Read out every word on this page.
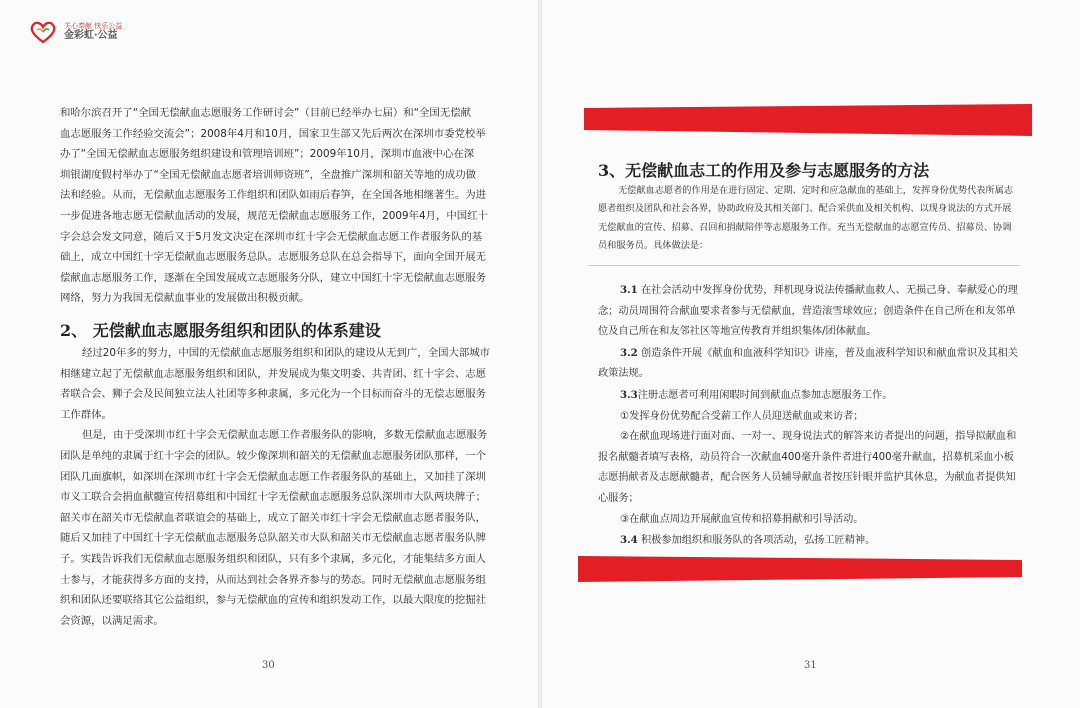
关心奉献 快乐公益
金彩虹·公益

和哈尔滨召开了“全国无偿献血志愿服务工作研讨会”（目前已经举办七届）和“全国无偿献
血志愿服务工作经验交流会”；2008年4月和10月，国家卫生部又先后两次在深圳市委党校举
办了“全国无偿献血志愿服务组织建设和管理培训班”；2009年10月，深圳市血液中心在深
圳银湖度假村举办了“全国无偿献血志愿者培训师资班”，全盘推广深圳和韶关等地的成功做
法和经验。从而，无偿献血志愿服务工作组织和团队如雨后春笋，在全国各地相继著生。为进
一步促进各地志愿无偿献血活动的发展，规范无偿献血志愿服务工作，2009年4月，中国红十
字会总会发文同意，随后又于5月发文决定在深圳市红十字会无偿献血志愿工作者服务队的基
础上，成立中国红十字无偿献血志愿服务总队。志愿服务总队在总会指导下，面向全国开展无
偿献血志愿服务工作，逐渐在全国发展成立志愿服务分队，建立中国红十字无偿献血志愿服务
网络，努力为我国无偿献血事业的发展做出积极贡献。

2、 无偿献血志愿服务组织和团队的体系建设

经过20年多的努力，中国的无偿献血志愿服务组织和团队的建设从无到广，全国大部城市
相继建立起了无偿献血志愿服务组织和团队，并发展成为集文明委、共青团、红十字会、志愿
者联合会、狮子会及民间独立法人社团等多种隶属，多元化为一个目标而奋斗的无偿志愿服务
工作群体。
但是，由于受深圳市红十字会无偿献血志愿工作者服务队的影响，多数无偿献血志愿服务
团队是单纯的隶属于红十字会的团队。较少像深圳和韶关的无偿献血志愿服务团队那样，一个
团队几面旗帜，如深圳在深圳市红十字会无偿献血志愿工作者服务队的基础上，又加挂了深圳
市义工联合会捐血献髓宣传招募组和中国红十字无偿献血志愿服务总队深圳市大队两块牌子；
韶关市在韶关市无偿献血者联谊会的基础上，成立了韶关市红十字会无偿献血志愿者服务队，
随后又加挂了中国红十字无偿献血志愿服务总队韶关市大队和韶关市无偿献血志愿者服务队牌
子。实践告诉我们无偿献血志愿服务组织和团队，只有多个隶属，多元化，才能集结多方面人
士参与，才能获得多方面的支持，从而达到社会各界齐参与的势态。同时无偿献血志愿服务组
织和团队还要联络其它公益组织，参与无偿献血的宣传和组织发动工作，以最大限度的挖掘社
会资源，以满足需求。

30
3、无偿献血志工的作用及参与志愿服务的方法

无偿献血志愿者的作用是在进行固定、定期、定时和应急献血的基础上，发挥身份优势代表所属志
愿者组织及团队和社会各界，协助政府及其相关部门、配合采供血及相关机构、以现身说法的方式开展
无偿献血的宣传、招募、召回和捐献陪伴等志愿服务工作。充当无偿献血的志愿宣传员、招募员、协调
员和服务员。具体做法是：

3.1 在社会活动中发挥身份优势，拜机现身说法传播献血救人、无损己身、奉献爱心的理
念；动员周围符合献血要求者参与无偿献血，营造滚雪球效应；创造条件在自己所在和友邻单
位及自己所在和友邻社区等地宣传教育并组织集体/团体献血。
3.2 创造条件开展《献血和血液科学知识》讲座，普及血液科学知识和献血常识及其相关
政策法规。
3.3注册志愿者可利用闲暇时间到献血点参加志愿服务工作。
①发挥身份优势配合受薪工作人员迎送献血或来访者；
②在献血现场进行面对面、一对一、现身说法式的解答来访者提出的问题，指导拟献血和
报名献髓者填写表格，动员符合一次献血400毫升条件者进行400毫升献血，招募机采血小板
志愿捐献者及志愿献髓者，配合医务人员辅导献血者按压针眼并监护其休息，为献血者提供知
心服务；
③在献血点周边开展献血宣传和招募捐献和引导活动。
3.4 积极参加组织和服务队的各项活动，弘扬工匠精神。

31
